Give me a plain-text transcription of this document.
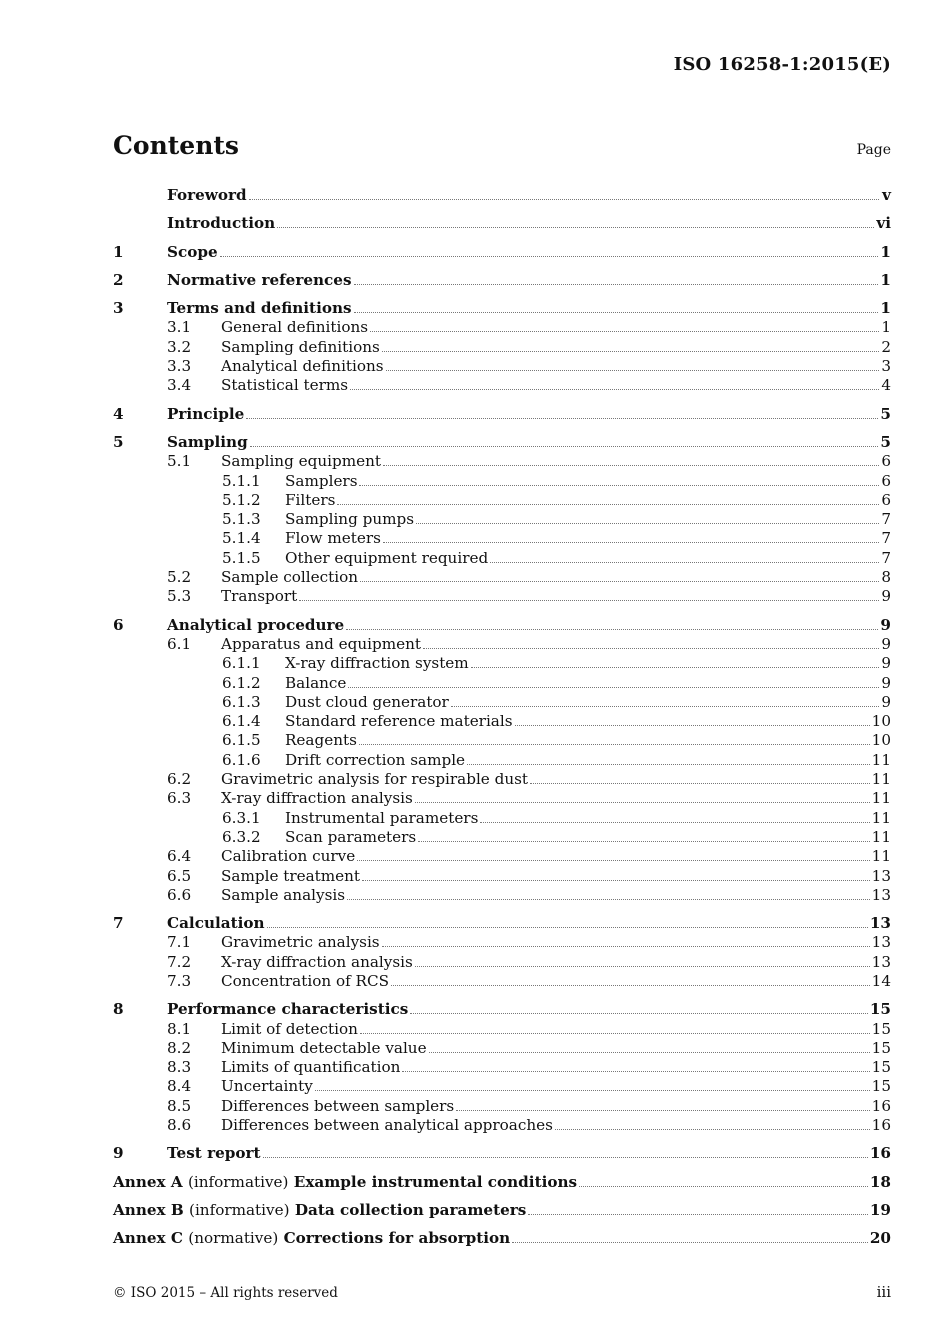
ISO 16258-1:2015(E)
Contents	Page
Foreword	v
Introduction	vi
1	Scope	1
2	Normative references	1
3	Terms and definitions	1
3.1	General definitions	1
3.2	Sampling definitions	2
3.3	Analytical definitions	3
3.4	Statistical terms	4
4	Principle	5
5	Sampling	5
5.1	Sampling equipment	6
5.1.1	Samplers	6
5.1.2	Filters	6
5.1.3	Sampling pumps	7
5.1.4	Flow meters	7
5.1.5	Other equipment required	7
5.2	Sample collection	8
5.3	Transport	9
6	Analytical procedure	9
6.1	Apparatus and equipment	9
6.1.1	X-ray diffraction system	9
6.1.2	Balance	9
6.1.3	Dust cloud generator	9
6.1.4	Standard reference materials	10
6.1.5	Reagents	10
6.1.6	Drift correction sample	11
6.2	Gravimetric analysis for respirable dust	11
6.3	X-ray diffraction analysis	11
6.3.1	Instrumental parameters	11
6.3.2	Scan parameters	11
6.4	Calibration curve	11
6.5	Sample treatment	13
6.6	Sample analysis	13
7	Calculation	13
7.1	Gravimetric analysis	13
7.2	X-ray diffraction analysis	13
7.3	Concentration of RCS	14
8	Performance characteristics	15
8.1	Limit of detection	15
8.2	Minimum detectable value	15
8.3	Limits of quantification	15
8.4	Uncertainty	15
8.5	Differences between samplers	16
8.6	Differences between analytical approaches	16
9	Test report	16
Annex A (informative) Example instrumental conditions	18
Annex B (informative) Data collection parameters	19
Annex C (normative) Corrections for absorption	20
© ISO 2015 – All rights reserved	iii
